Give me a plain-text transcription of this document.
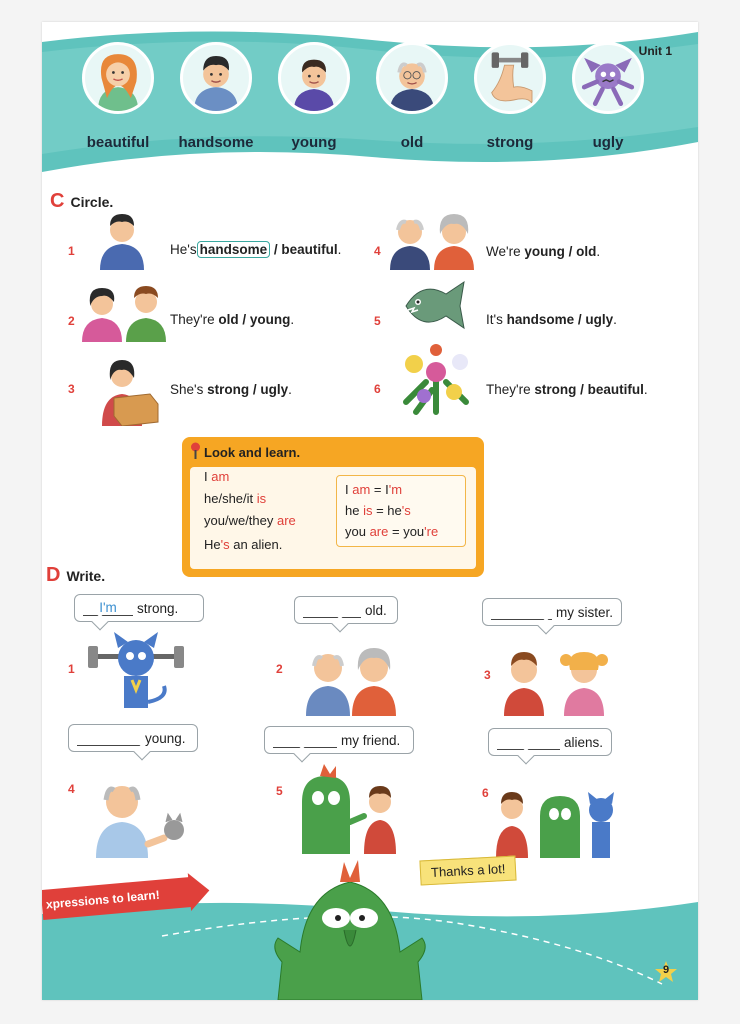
Unit 1
beautiful	handsome	young	old	strong	ugly
C Circle.
1	He's handsome / beautiful.
2	They're old / young.
3	She's strong / ugly.
4	We're young / old.
5	It's handsome / ugly.
6	They're strong / beautiful.
Look and learn.
I am
he/she/it is
you/we/they are
He's an alien.
I am = I'm
he is = he's
you are = you're
D Write.
I'm	strong.
1
old.
2
my sister.
3
young.
4
my friend.
5
aliens.
6
xpressions to learn!
Thanks a lot!
9
